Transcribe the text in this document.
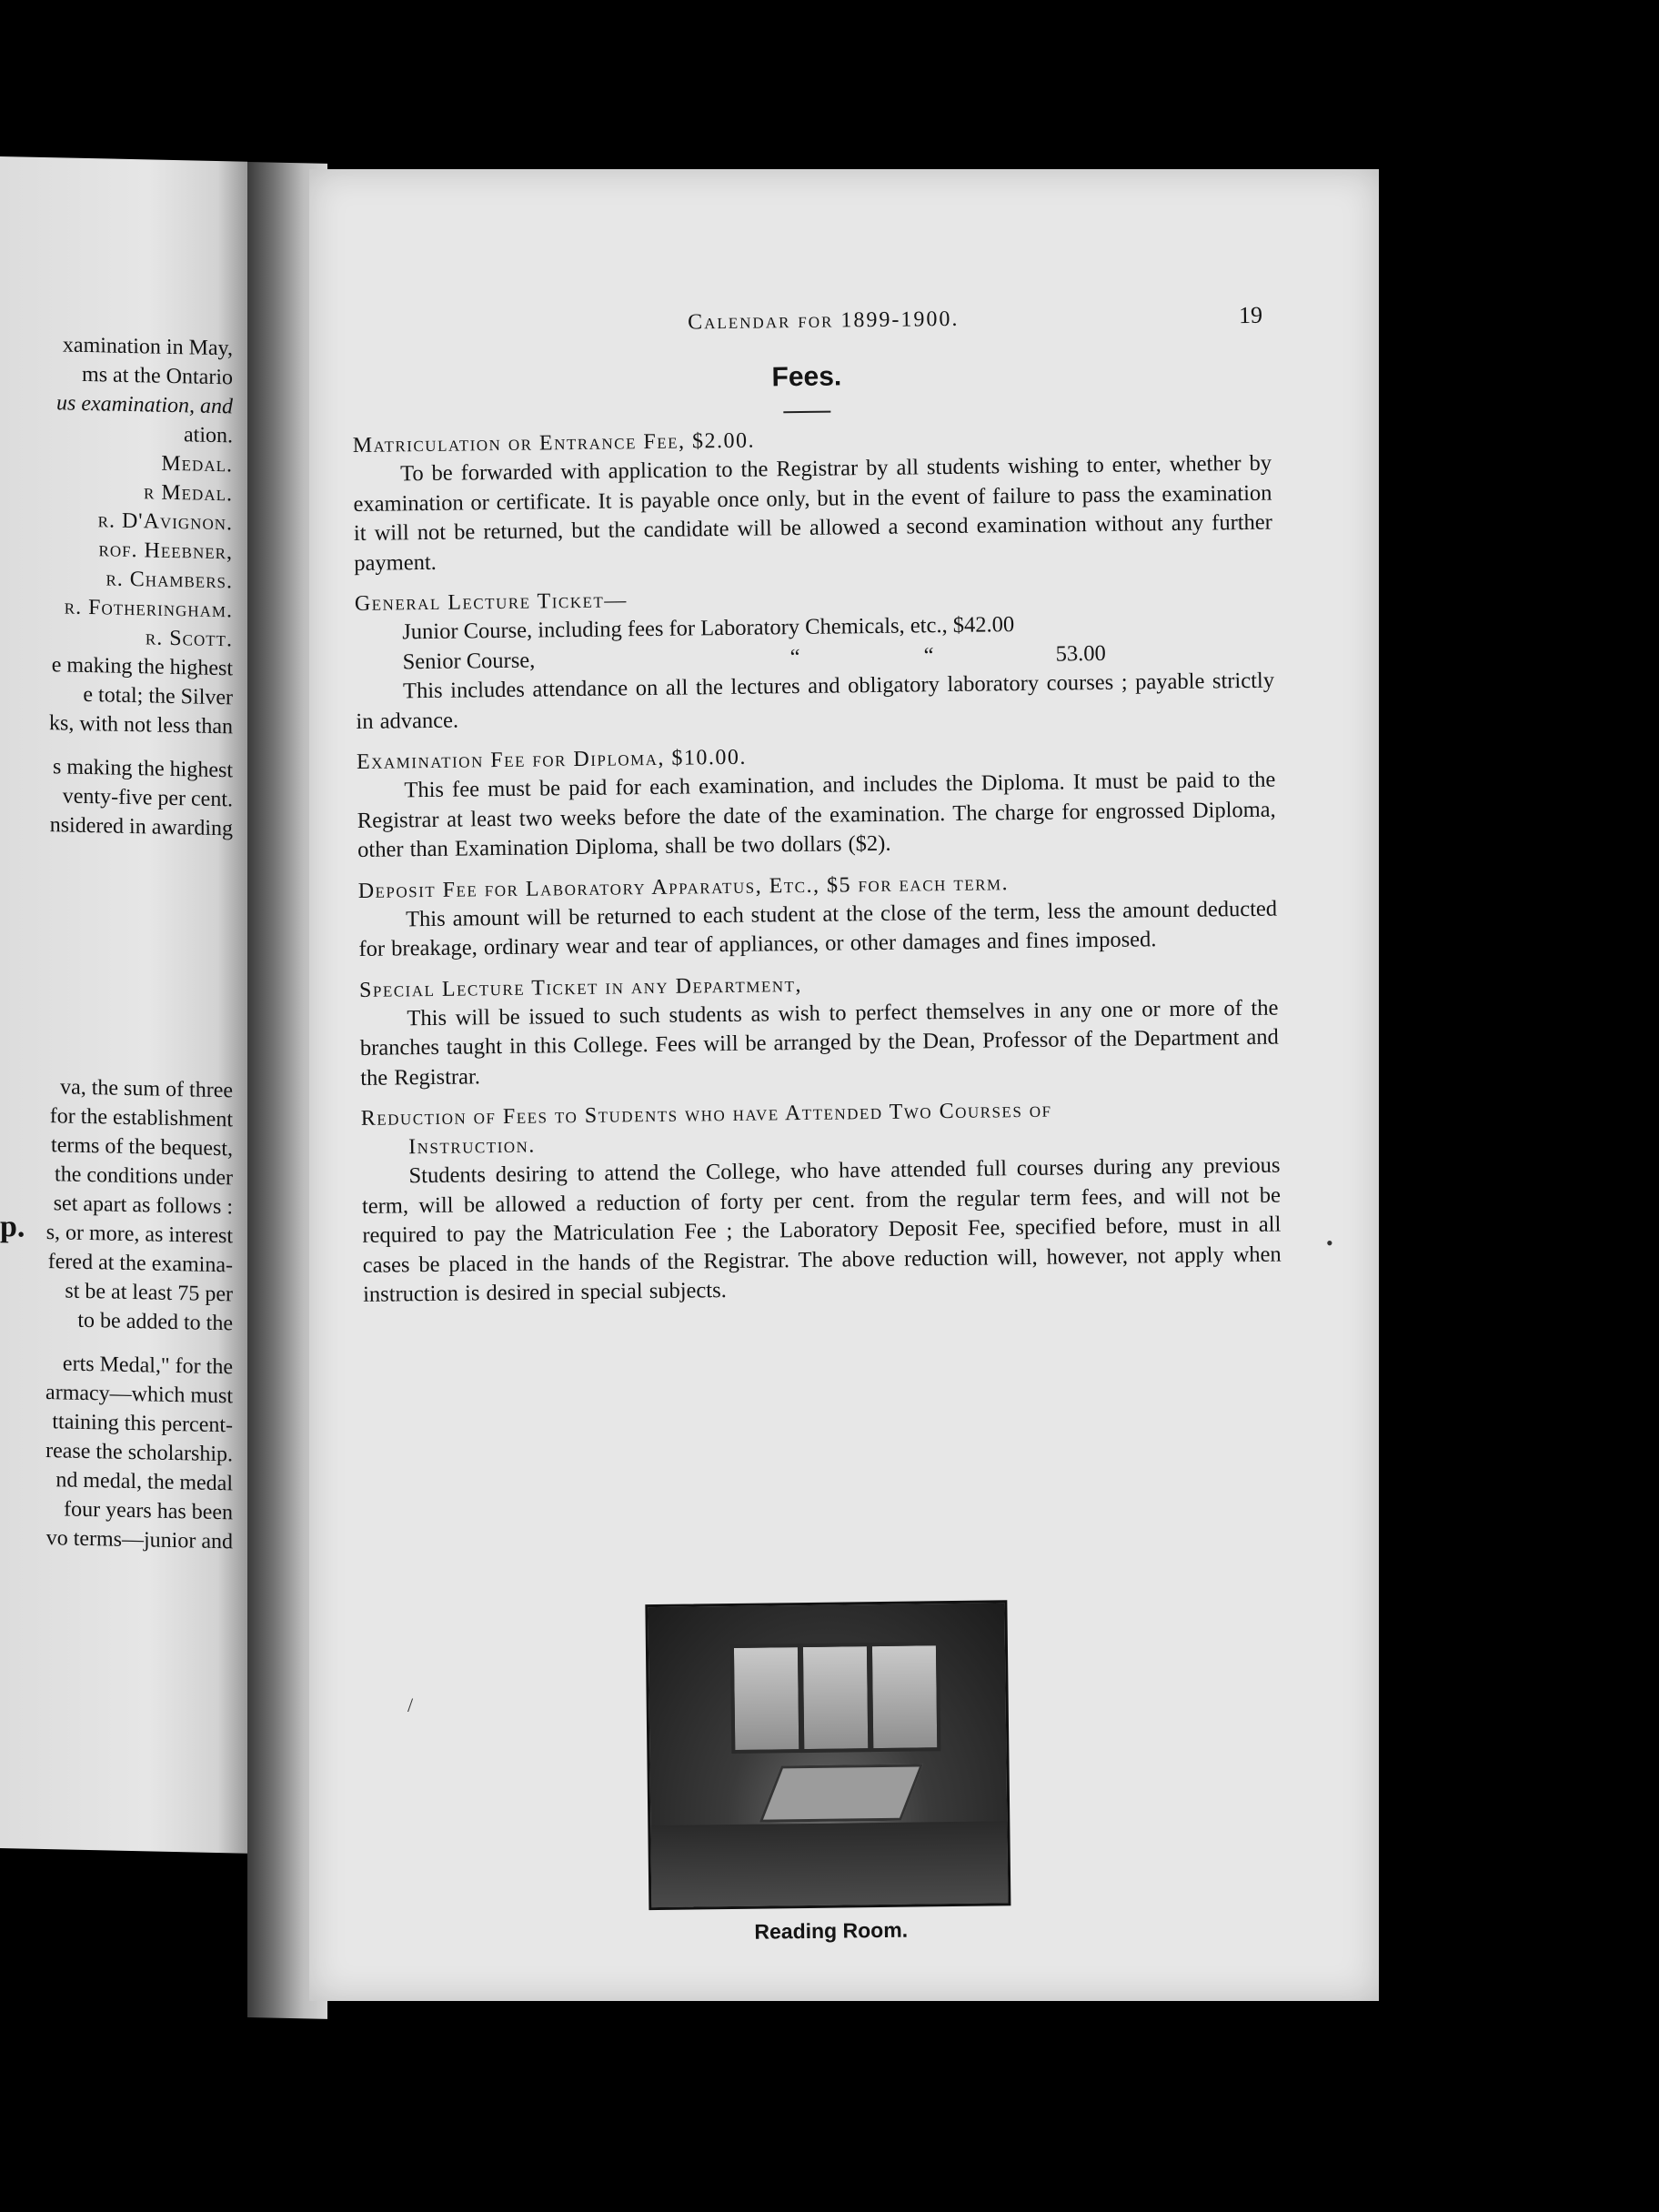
p.
xamination in May,
ms at the Ontario
us examination, and
ation.
Medal.
r Medal.
r. D'Avignon.
rof. Heebner,
r. Chambers.
r. Fotheringham.
r. Scott.
e making the highest
e total; the Silver
ks, with not less than
s making the highest
venty-five per cent.
nsidered in awarding
va, the sum of three
for the establishment
terms of the bequest,
the conditions under
set apart as follows :
s, or more, as interest
fered at the examina-
st be at least 75 per
to be added to the
erts Medal," for the
armacy—which must
ttaining this percent-
rease the scholarship.
nd medal, the medal
four years has been
vo terms—junior and
Calendar for 1899-1900.	19
Fees.
Matriculation or Entrance Fee, $2.00.
To be forwarded with application to the Registrar by all students wishing to enter, whether by examination or certificate. It is payable once only, but in the event of failure to pass the examination it will not be returned, but the candidate will be allowed a second examination without any further payment.
General Lecture Ticket—
Junior Course, including fees for Laboratory Chemicals, etc., $42.00
Senior Course,	“	“	53.00
This includes attendance on all the lectures and obligatory laboratory courses ; payable strictly in advance.
Examination Fee for Diploma, $10.00.
This fee must be paid for each examination, and includes the Diploma. It must be paid to the Registrar at least two weeks before the date of the examination. The charge for engrossed Diploma, other than Examination Diploma, shall be two dollars ($2).
Deposit Fee for Laboratory Apparatus, Etc., $5 for each term.
This amount will be returned to each student at the close of the term, less the amount deducted for breakage, ordinary wear and tear of appliances, or other damages and fines imposed.
Special Lecture Ticket in any Department,
This will be issued to such students as wish to perfect themselves in any one or more of the branches taught in this College. Fees will be arranged by the Dean, Professor of the Department and the Registrar.
Reduction of Fees to Students who have Attended Two Courses of
Instruction.
Students desiring to attend the College, who have attended full courses during any previous term, will be allowed a reduction of forty per cent. from the regular term fees, and will not be required to pay the Matriculation Fee ; the Laboratory Deposit Fee, specified before, must in all cases be placed in the hands of the Registrar. The above reduction will, however, not apply when instruction is desired in special subjects.
Reading Room.
•
/
